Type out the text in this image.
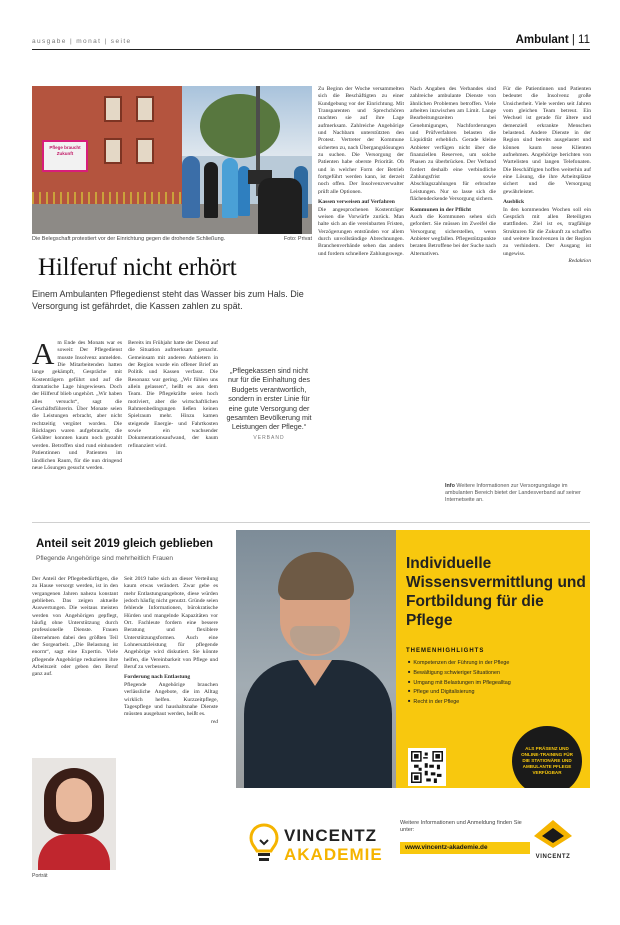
ausgabe | monat | seite	Ambulant | 11
Pflege braucht Zukunft
Die Belegschaft protestiert vor der Einrichtung gegen die drohende Schließung.	Foto: Privat
Hilferuf nicht erhört
Einem Ambulanten Pflegedienst steht das Wasser bis zum Hals. Die Versorgung ist gefährdet, die Kassen zahlen zu spät.
A m Ende des Monats war es soweit: Der Pflegedienst musste Insolvenz anmelden. Die Mitarbeitenden hatten lange gekämpft, Gespräche mit Kostenträgern geführt und auf die dramatische Lage hingewiesen. Doch der Hilferuf blieb ungehört. „Wir haben alles versucht“, sagt die Geschäftsführerin. Über Monate seien die Leistungen erbracht, aber nicht rechtzeitig vergütet worden. Die Rücklagen waren aufgebraucht, die Gehälter konnten kaum noch gezahlt werden. Betroffen sind rund einhundert Patientinnen und Patienten im ländlichen Raum, für die nun dringend neue Lösungen gesucht werden.
Bereits im Frühjahr hatte der Dienst auf die Situation aufmerksam gemacht. Gemeinsam mit anderen Anbietern in der Region wurde ein offener Brief an Politik und Kassen verfasst. Die Resonanz war gering. „Wir fühlen uns allein gelassen“, heißt es aus dem Team. Die Pflegekräfte seien hoch motiviert, aber die wirtschaftlichen Rahmenbedingungen ließen keinen Spielraum mehr. Hinzu kamen steigende Energie- und Fahrtkosten sowie ein wachsender Dokumentationsaufwand, der kaum refinanziert wird.
„Pflegekassen sind nicht nur für die Einhaltung des Budgets verantwortlich, sondern in erster Linie für eine gute Versorgung der gesamten Bevölkerung mit Leistungen der Pflege.“
VERBAND
Zu Beginn der Woche versammelten sich die Beschäftigten zu einer Kundgebung vor der Einrichtung. Mit Transparenten und Sprechchören machten sie auf ihre Lage aufmerksam. Zahlreiche Angehörige und Nachbarn unterstützten den Protest. Vertreter der Kommune sicherten zu, nach Übergangslösungen zu suchen. Die Versorgung der Patienten habe oberste Priorität. Ob und in welcher Form der Betrieb fortgeführt werden kann, ist derzeit noch offen. Der Insolvenzverwalter prüft alle Optionen.
Kassen verweisen auf Verfahren
Die angesprochenen Kostenträger weisen die Vorwürfe zurück. Man halte sich an die vereinbarten Fristen, Verzögerungen entstünden vor allem durch unvollständige Abrechnungen. Branchenverbände sehen das anders und fordern schnellere Zahlungswege.
Nach Angaben des Verbandes sind zahlreiche ambulante Dienste von ähnlichen Problemen betroffen. Viele arbeiten inzwischen am Limit. Lange Bearbeitungszeiten bei Genehmigungen, Nachforderungen und Prüfverfahren belasten die Liquidität erheblich. Gerade kleine Anbieter verfügen nicht über die finanziellen Reserven, um solche Phasen zu überbrücken. Der Verband fordert deshalb eine verbindliche Zahlungsfrist sowie Abschlagszahlungen für erbrachte Leistungen. Nur so lasse sich die flächendeckende Versorgung sichern.
Kommunen in der Pflicht
Auch die Kommunen sehen sich gefordert. Sie müssen im Zweifel die Versorgung sicherstellen, wenn Anbieter wegfallen. Pflegestützpunkte beraten Betroffene bei der Suche nach Alternativen.
Für die Patientinnen und Patienten bedeutet die Insolvenz große Unsicherheit. Viele werden seit Jahren vom gleichen Team betreut. Ein Wechsel ist gerade für ältere und demenziell erkrankte Menschen belastend. Andere Dienste in der Region sind bereits ausgelastet und können kaum neue Klienten aufnehmen. Angehörige berichten von Wartelisten und langen Telefonaten. Die Beschäftigten hoffen weiterhin auf eine Lösung, die ihre Arbeitsplätze sichert und die Versorgung gewährleistet.
Ausblick
In den kommenden Wochen soll ein Gespräch mit allen Beteiligten stattfinden. Ziel ist es, tragfähige Strukturen für die Zukunft zu schaffen und weitere Insolvenzen in der Region zu verhindern. Der Ausgang ist ungewiss.
Redaktion
Info Weitere Informationen zur Versorgungslage im ambulanten Bereich bietet der Landesverband auf seiner Internetseite an.
Anteil seit 2019 gleich geblieben
Pflegende Angehörige sind mehrheitlich Frauen
Der Anteil der Pflegebedürftigen, die zu Hause versorgt werden, ist in den vergangenen Jahren nahezu konstant geblieben. Das zeigen aktuelle Auswertungen. Die weitaus meisten werden von Angehörigen gepflegt, häufig ohne Unterstützung durch professionelle Dienste. Frauen übernehmen dabei den größten Teil der Sorgearbeit. „Die Belastung ist enorm“, sagt eine Expertin. Viele pflegende Angehörige reduzieren ihre Arbeitszeit oder geben den Beruf ganz auf.
Seit 2019 habe sich an dieser Verteilung kaum etwas verändert. Zwar gebe es mehr Entlastungsangebote, diese würden jedoch häufig nicht genutzt. Gründe seien fehlende Informationen, bürokratische Hürden und mangelnde Kapazitäten vor Ort. Fachleute fordern eine bessere Beratung und flexiblere Unterstützungsformen. Auch eine Lohnersatzleistung für pflegende Angehörige wird diskutiert. Sie könnte helfen, die Vereinbarkeit von Pflege und Beruf zu verbessern.
Forderung nach Entlastung
Pflegende Angehörige brauchen verlässliche Angebote, die im Alltag wirklich helfen. Kurzzeitpflege, Tagespflege und haushaltsnahe Dienste müssten ausgebaut werden, heißt es.
red
Porträt
Individuelle Wissensvermittlung und Fortbildung für die Pflege
THEMENHIGHLIGHTS
■ Kompetenzen der Führung in der Pflege
■ Bewältigung schwieriger Situationen
■ Umgang mit Belastungen im Pflegealltag
■ Pflege und Digitalisierung
■ Recht in der Pflege
ALS PRÄSENZ UND ONLINE-TRAINING FÜR DIE STATIONÄRE UND AMBULANTE PFLEGE VERFÜGBAR
VINCENTZ
AKADEMIE
Weitere Informationen und Anmeldung finden Sie unter:
www.vincentz-akademie.de
VINCENTZ
